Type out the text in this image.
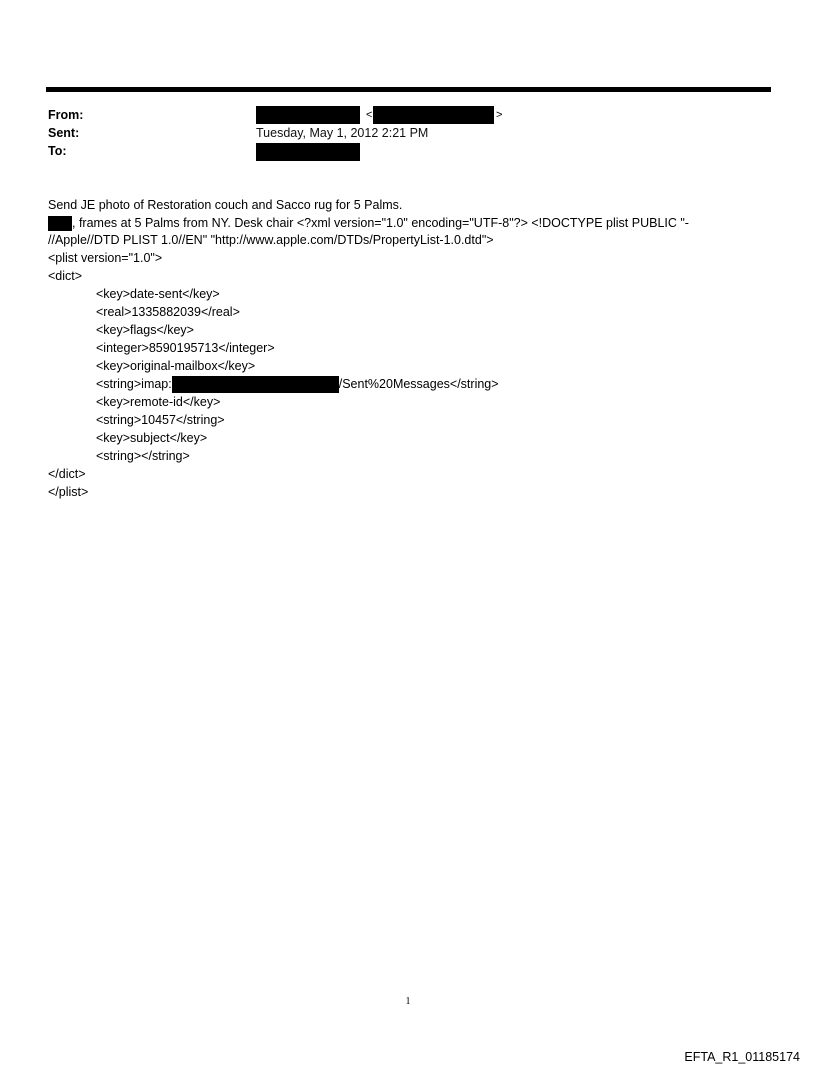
From:	<	>
Sent:	Tuesday, May 1, 2012 2:21 PM
To:
Send JE photo of Restoration couch and Sacco rug for 5 Palms.
, frames at 5 Palms from NY. Desk chair <?xml version="1.0" encoding="UTF-8"?> <!DOCTYPE plist PUBLIC "-
//Apple//DTD PLIST 1.0//EN" "http://www.apple.com/DTDs/PropertyList-1.0.dtd">
<plist version="1.0">
<dict>
<key>date-sent</key>
<real>1335882039</real>
<key>flags</key>
<integer>8590195713</integer>
<key>original-mailbox</key>
<string>imap:	/Sent%20Messages</string>
<key>remote-id</key>
<string>10457</string>
<key>subject</key>
<string></string>
</dict>
</plist>
1
EFTA_R1_01185174
